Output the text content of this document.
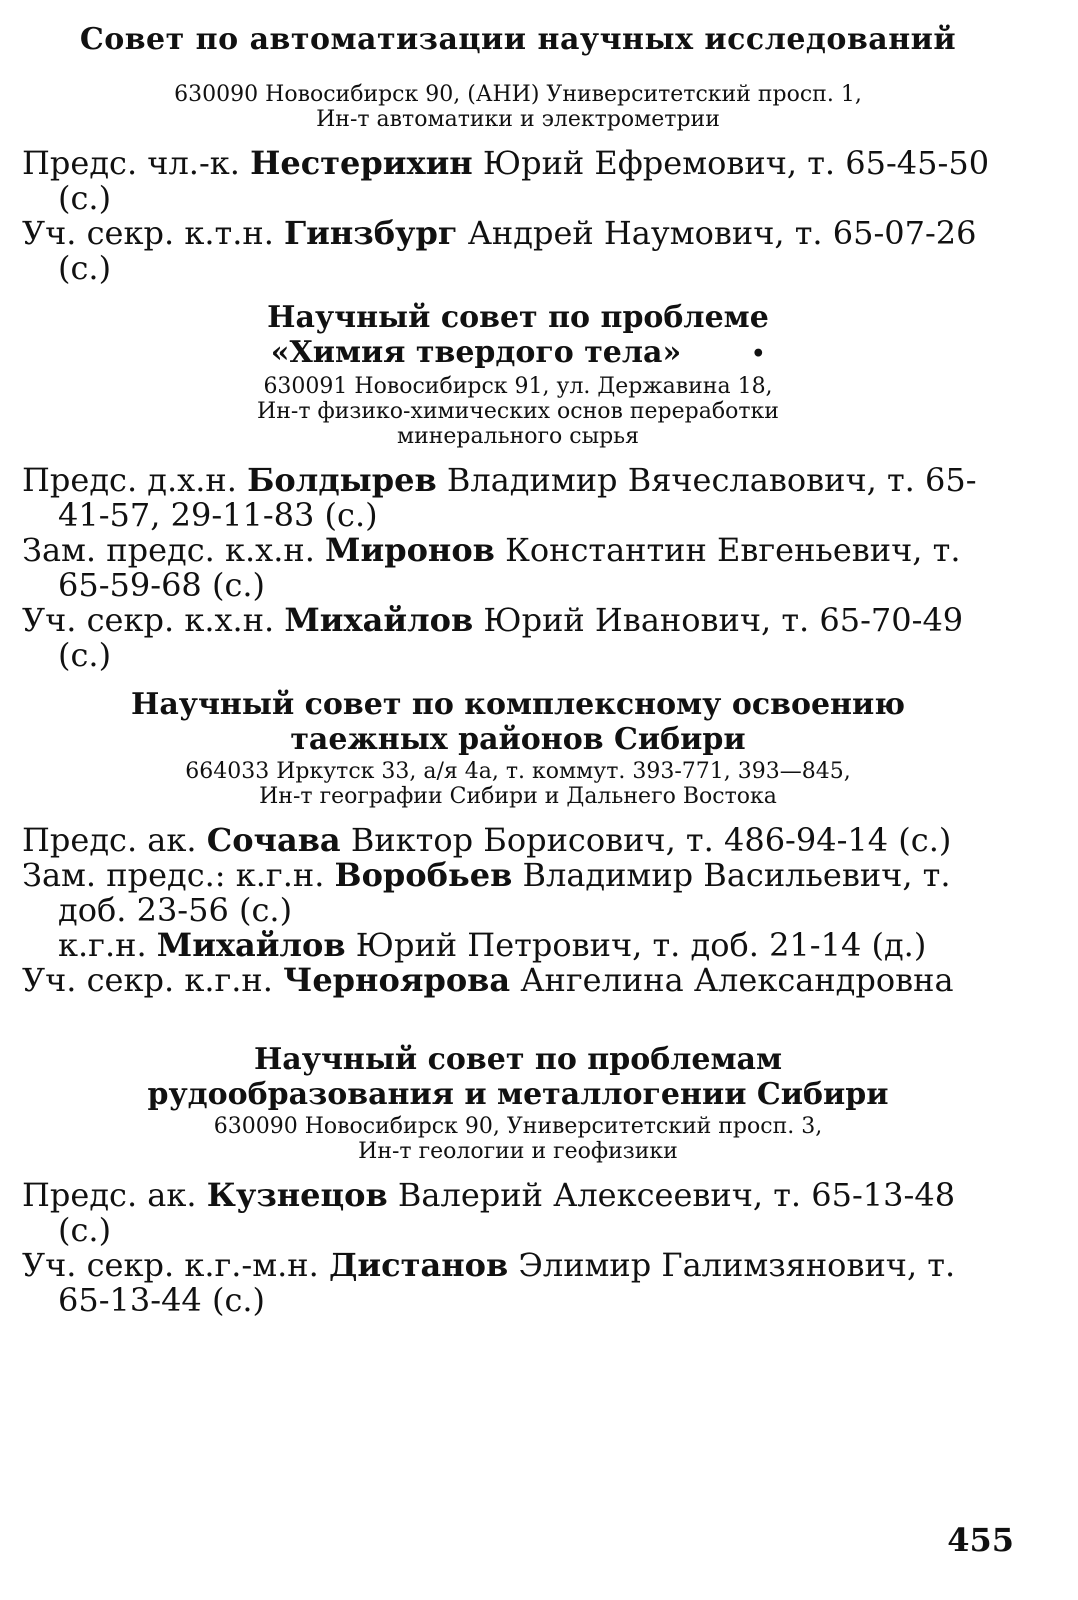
Совет по автоматизации научных исследований
630090 Новосибирск 90, (АНИ) Университетский просп. 1,
Ин-т автоматики и электрометрии

Предс. чл.-к. Нестерихин Юрий Ефремович, т. 65-45-50 (с.)

Уч. секр. к.т.н. Гинзбург Андрей Наумович, т. 65-07-26 (с.)

Научный совет по проблеме
«Химия твердого тела»	•
630091 Новосибирск 91, ул. Державина 18,
Ин-т физико-химических основ переработки
минерального сырья

Предс. д.х.н. Болдырев Владимир Вячеславович, т. 65-41-57, 29-11-83 (с.)

Зам. предс. к.х.н. Миронов Константин Евгеньевич, т. 65-59-68 (с.)

Уч. секр. к.х.н. Михайлов Юрий Иванович, т. 65-70-49 (с.)

Научный совет по комплексному освоению
таежных районов Сибири
664033 Иркутск 33, а/я 4а, т. коммут. 393-771, 393—845,
Ин-т географии Сибири и Дальнего Востока

Предс. ак. Сочава Виктор Борисович, т. 486-94-14 (с.)

Зам. предс.: к.г.н. Воробьев Владимир Васильевич, т. доб. 23-56 (с.)

к.г.н. Михайлов Юрий Петрович, т. доб. 21-14 (д.)

Уч. секр. к.г.н. Черноярова Ангелина Александровна

Научный совет по проблемам
рудообразования и металлогении Сибири
630090 Новосибирск 90, Университетский просп. 3,
Ин-т геологии и геофизики

Предс. ак. Кузнецов Валерий Алексеевич, т. 65-13-48 (с.)

Уч. секр. к.г.-м.н. Дистанов Элимир Галимзянович, т. 65-13-44 (с.)

455
